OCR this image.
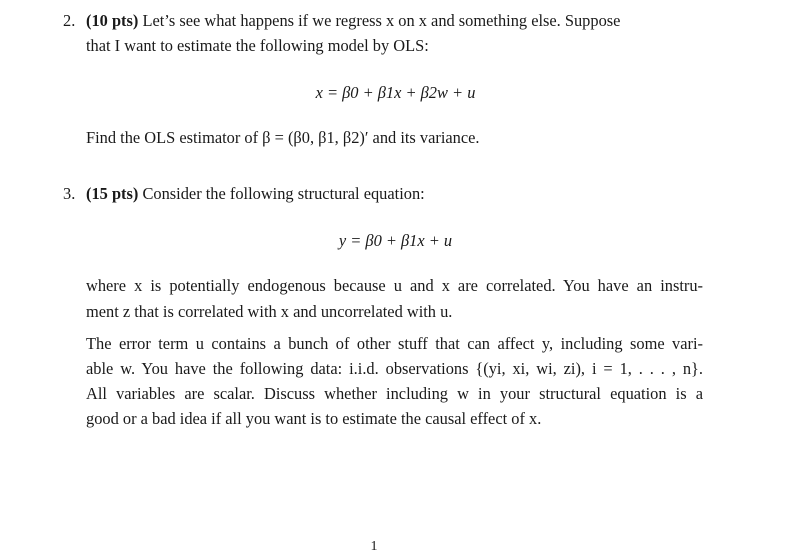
2. (10 pts) Let’s see what happens if we regress x on x and something else. Suppose
that I want to estimate the following model by OLS:
x = β0 + β1x + β2w + u
Find the OLS estimator of β = (β0, β1, β2)′ and its variance.
3. (15 pts) Consider the following structural equation:
y = β0 + β1x + u
where x is potentially endogenous because u and x are correlated. You have an instru-
ment z that is correlated with x and uncorrelated with u.
The error term u contains a bunch of other stuff that can affect y, including some vari-
able w. You have the following data: i.i.d. observations {(yi, xi, wi, zi), i = 1, . . . , n}.
All variables are scalar. Discuss whether including w in your structural equation is a
good or a bad idea if all you want is to estimate the causal effect of x.
1
